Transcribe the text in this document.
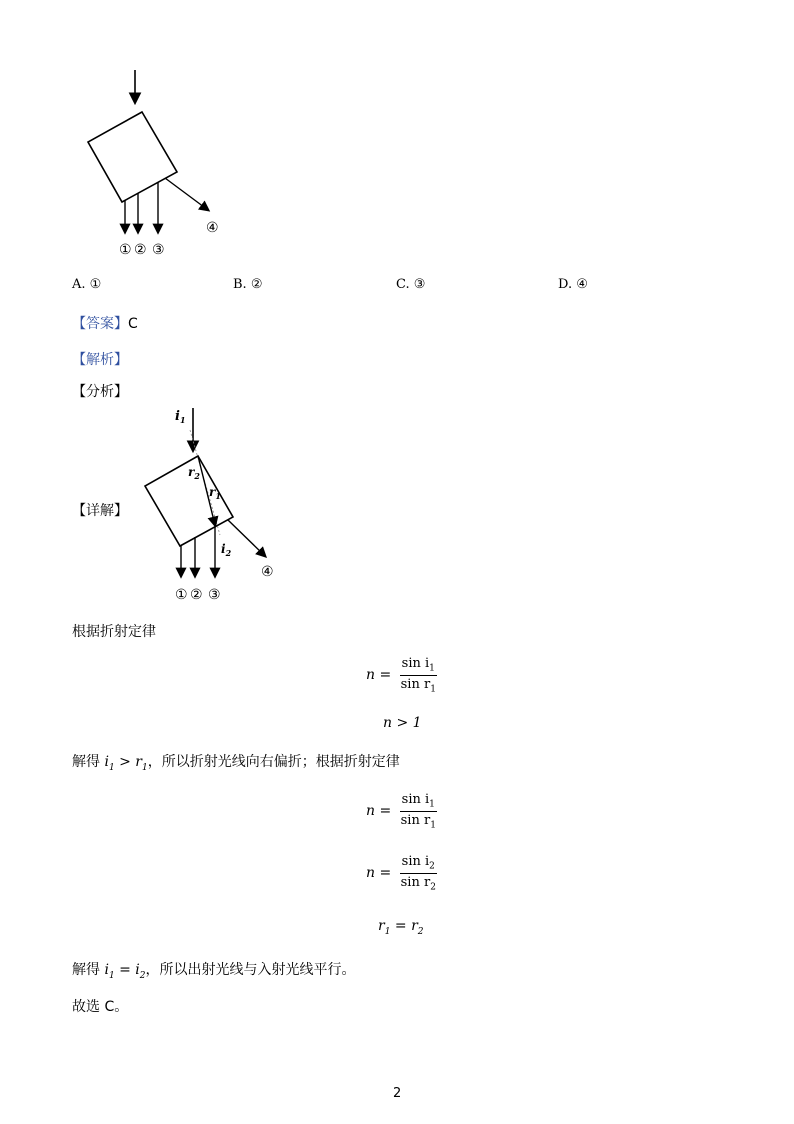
① ② ③
④
A. ①	B. ②	C. ③	D. ④
【答案】C
【解析】
【分析】
【详解】
$i_1$
$r_2$
$r_1$
$i_2$
① ② ③
④
根据折射定律
$n = \frac{\sin i_1}{\sin r_1}$
n > 1
解得 $i_1 > r_1$，所以折射光线向右偏折；根据折射定律
$n = \frac{\sin i_1}{\sin r_1}$
$n = \frac{\sin i_2}{\sin r_2}$
$r_1 = r_2$
解得 $i_1 = i_2$，所以出射光线与入射光线平行。
故选 C。
2
